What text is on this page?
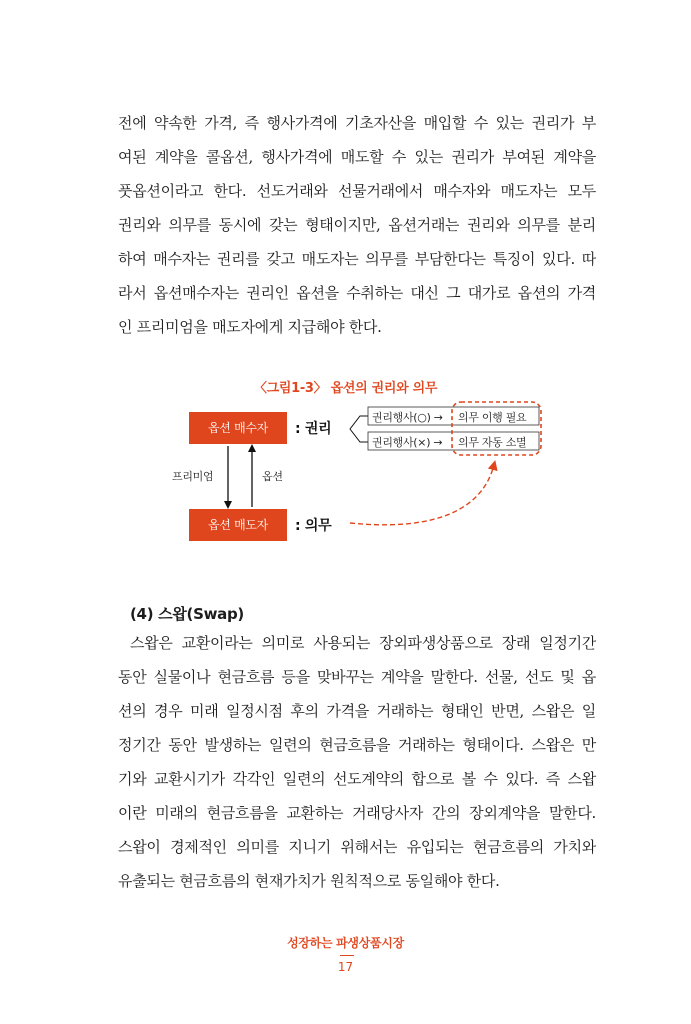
전에 약속한 가격, 즉 행사가격에 기초자산을 매입할 수 있는 권리가 부
여된 계약을 콜옵션, 행사가격에 매도할 수 있는 권리가 부여된 계약을
풋옵션이라고 한다. 선도거래와 선물거래에서 매수자와 매도자는 모두
권리와 의무를 동시에 갖는 형태이지만, 옵션거래는 권리와 의무를 분리
하여 매수자는 권리를 갖고 매도자는 의무를 부담한다는 특징이 있다. 따
라서 옵션매수자는 권리인 옵션을 수취하는 대신 그 대가로 옵션의 가격
인 프리미엄을 매도자에게 지급해야 한다.
〈그림1-3〉 옵션의 권리와 의무
옵션 매수자
옵션 매도자
: 권리
: 의무
프리미엄	옵션
권리행사(○) →
권리행사(×) →
의무 이행 필요
의무 자동 소멸
(4) 스왑(Swap)
스왑은 교환이라는 의미로 사용되는 장외파생상품으로 장래 일정기간
동안 실물이나 현금흐름 등을 맞바꾸는 계약을 말한다. 선물, 선도 및 옵
션의 경우 미래 일정시점 후의 가격을 거래하는 형태인 반면, 스왑은 일
정기간 동안 발생하는 일련의 현금흐름을 거래하는 형태이다. 스왑은 만
기와 교환시기가 각각인 일련의 선도계약의 합으로 볼 수 있다. 즉 스왑
이란 미래의 현금흐름을 교환하는 거래당사자 간의 장외계약을 말한다.
스왑이 경제적인 의미를 지니기 위해서는 유입되는 현금흐름의 가치와
유출되는 현금흐름의 현재가치가 원칙적으로 동일해야 한다.
성장하는 파생상품시장
17
